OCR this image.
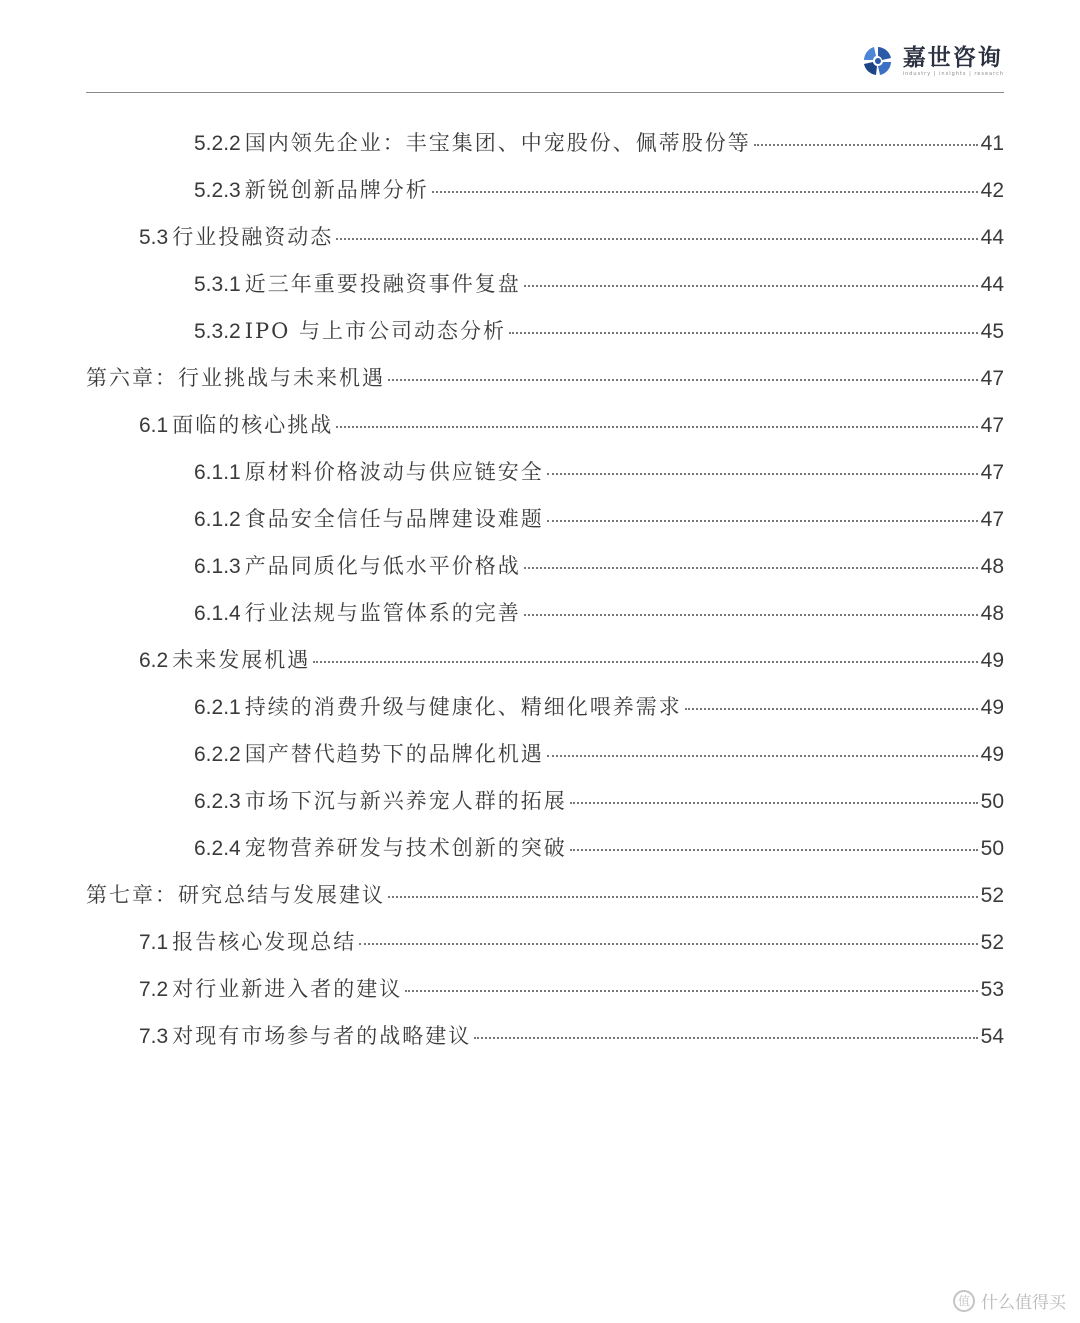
嘉世咨询
industry | insights | research
5.2.2 国内领先企业：丰宝集团、中宠股份、佩蒂股份等	41
5.2.3 新锐创新品牌分析	42
5.3 行业投融资动态	44
5.3.1 近三年重要投融资事件复盘	44
5.3.2 IPO 与上市公司动态分析	45
第六章：行业挑战与未来机遇	47
6.1 面临的核心挑战	47
6.1.1 原材料价格波动与供应链安全	47
6.1.2 食品安全信任与品牌建设难题	47
6.1.3 产品同质化与低水平价格战	48
6.1.4 行业法规与监管体系的完善	48
6.2 未来发展机遇	49
6.2.1 持续的消费升级与健康化、精细化喂养需求	49
6.2.2 国产替代趋势下的品牌化机遇	49
6.2.3 市场下沉与新兴养宠人群的拓展	50
6.2.4 宠物营养研发与技术创新的突破	50
第七章：研究总结与发展建议	52
7.1 报告核心发现总结	52
7.2 对行业新进入者的建议	53
7.3 对现有市场参与者的战略建议	54
值 什么值得买
